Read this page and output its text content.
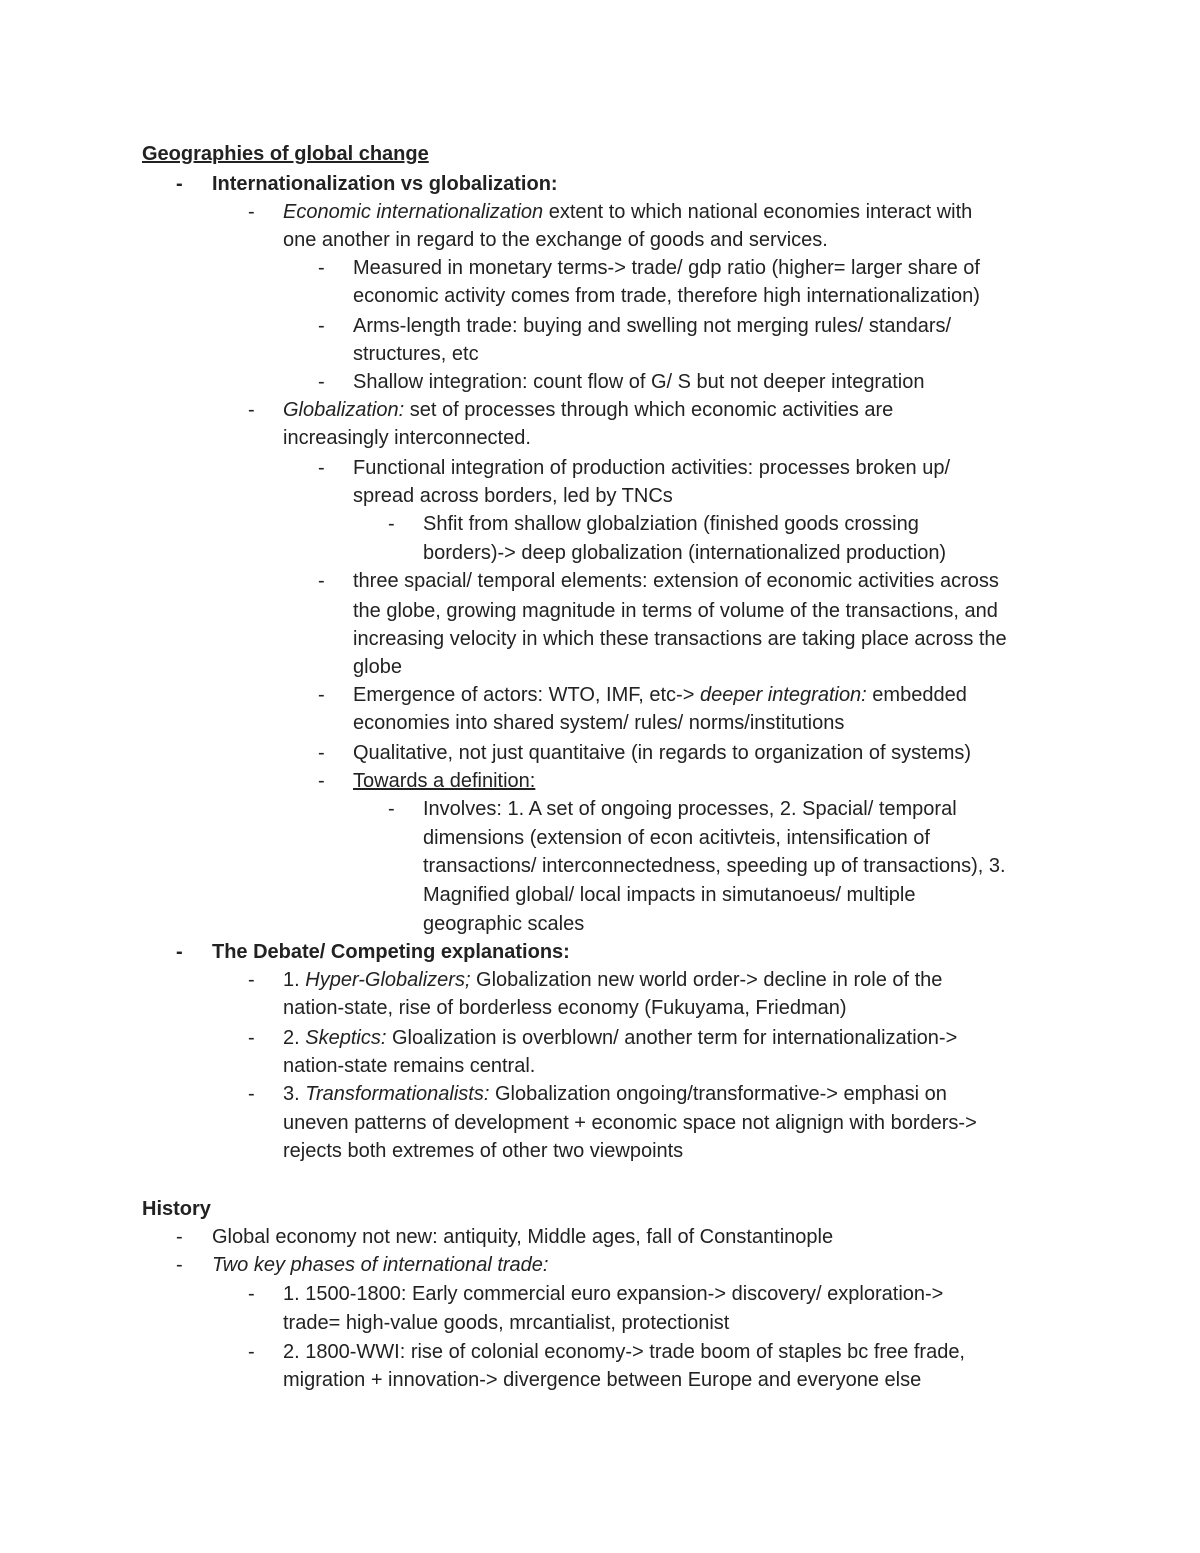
Geographies of global change
- Internationalization vs globalization:
- Economic internationalization extent to which national economies interact with
one another in regard to the exchange of goods and services.
- Measured in monetary terms-> trade/ gdp ratio (higher= larger share of
economic activity comes from trade, therefore high internationalization)
- Arms-length trade: buying and swelling not merging rules/ standars/
structures, etc
- Shallow integration: count flow of G/ S but not deeper integration
- Globalization: set of processes through which economic activities are
increasingly interconnected.
- Functional integration of production activities: processes broken up/
spread across borders, led by TNCs
- Shfit from shallow globalziation (finished goods crossing
borders)-> deep globalization (internationalized production)
- three spacial/ temporal elements: extension of economic activities across
the globe, growing magnitude in terms of volume of the transactions, and
increasing velocity in which these transactions are taking place across the
globe
- Emergence of actors: WTO, IMF, etc-> deeper integration: embedded
economies into shared system/ rules/ norms/institutions
- Qualitative, not just quantitaive (in regards to organization of systems)
- Towards a definition:
- Involves: 1. A set of ongoing processes, 2. Spacial/ temporal
dimensions (extension of econ acitivteis, intensification of
transactions/ interconnectedness, speeding up of transactions), 3.
Magnified global/ local impacts in simutanoeus/ multiple
geographic scales
- The Debate/ Competing explanations:
- 1. Hyper-Globalizers; Globalization new world order-> decline in role of the
nation-state, rise of borderless economy (Fukuyama, Friedman)
- 2. Skeptics: Gloalization is overblown/ another term for internationalization->
nation-state remains central.
- 3. Transformationalists: Globalization ongoing/transformative-> emphasi on
uneven patterns of development + economic space not alignign with borders->
rejects both extremes of other two viewpoints
History
- Global economy not new: antiquity, Middle ages, fall of Constantinople
- Two key phases of international trade:
- 1. 1500-1800: Early commercial euro expansion-> discovery/ exploration->
trade= high-value goods, mrcantialist, protectionist
- 2. 1800-WWI: rise of colonial economy-> trade boom of staples bc free frade,
migration + innovation-> divergence between Europe and everyone else
